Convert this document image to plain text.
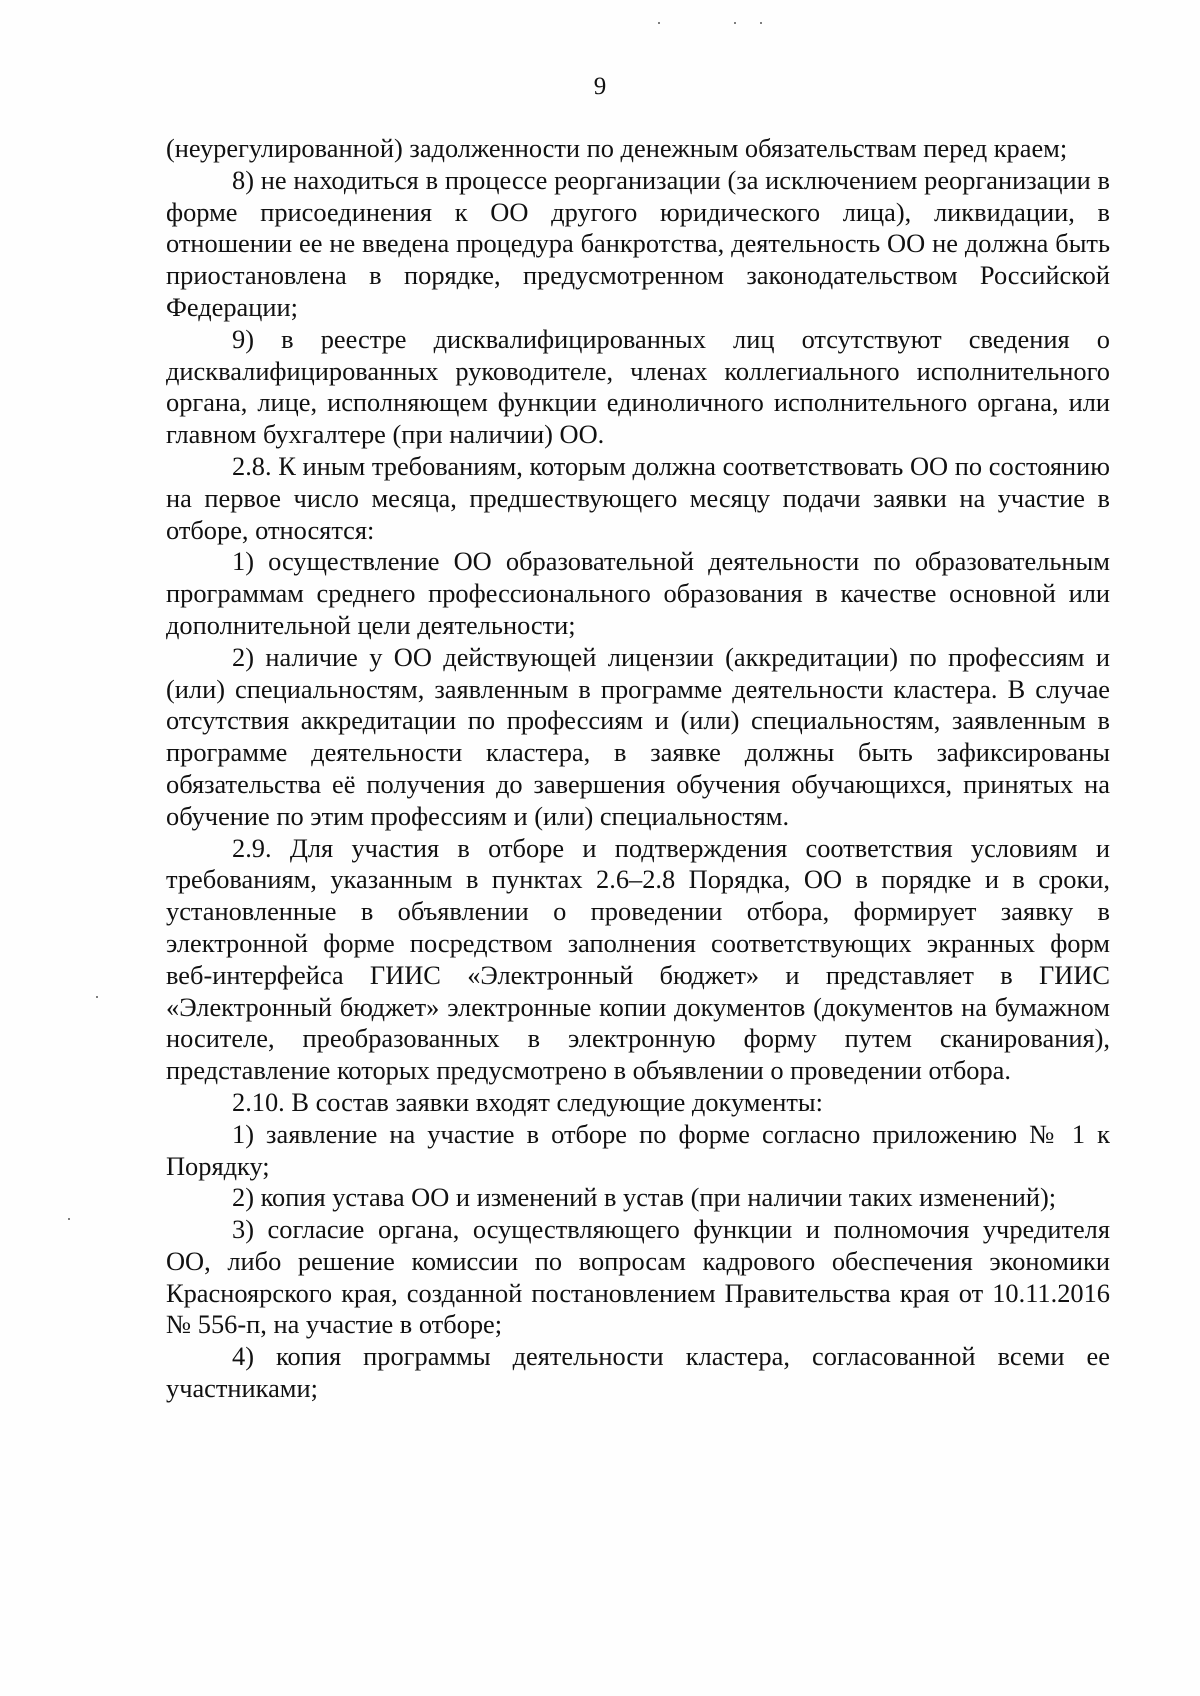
9

(неурегулированной) задолженности по денежным обязательствам перед краем;

8) не находиться в процессе реорганизации (за исключением реорганизации в форме присоединения к ОО другого юридического лица), ликвидации, в отношении ее не введена процедура банкротства, деятельность ОО не должна быть приостановлена в порядке, предусмотренном законодательством Российской Федерации;

9) в реестре дисквалифицированных лиц отсутствуют сведения о дисквалифицированных руководителе, членах коллегиального исполнительного органа, лице, исполняющем функции единоличного исполнительного органа, или главном бухгалтере (при наличии) ОО.

2.8. К иным требованиям, которым должна соответствовать ОО по состоянию на первое число месяца, предшествующего месяцу подачи заявки на участие в отборе, относятся:

1) осуществление ОО образовательной деятельности по образовательным программам среднего профессионального образования в качестве основной или дополнительной цели деятельности;

2) наличие у ОО действующей лицензии (аккредитации) по профессиям и (или) специальностям, заявленным в программе деятельности кластера. В случае отсутствия аккредитации по профессиям и (или) специальностям, заявленным в программе деятельности кластера, в заявке должны быть зафиксированы обязательства её получения до завершения обучения обучающихся, принятых на обучение по этим профессиям и (или) специальностям.

2.9. Для участия в отборе и подтверждения соответствия условиям и требованиям, указанным в пунктах 2.6–2.8 Порядка, ОО в порядке и в сроки, установленные в объявлении о проведении отбора, формирует заявку в электронной форме посредством заполнения соответствующих экранных форм веб-интерфейса ГИИС «Электронный бюджет» и представляет в ГИИС «Электронный бюджет» электронные копии документов (документов на бумажном носителе, преобразованных в электронную форму путем сканирования), представление которых предусмотрено в объявлении о проведении отбора.

2.10. В состав заявки входят следующие документы:

1) заявление на участие в отборе по форме согласно приложению № 1 к Порядку;

2) копия устава ОО и изменений в устав (при наличии таких изменений);

3) согласие органа, осуществляющего функции и полномочия учредителя ОО, либо решение комиссии по вопросам кадрового обеспечения экономики Красноярского края, созданной постановлением Правительства края от 10.11.2016 № 556-п, на участие в отборе;

4) копия программы деятельности кластера, согласованной всеми ее участниками;
